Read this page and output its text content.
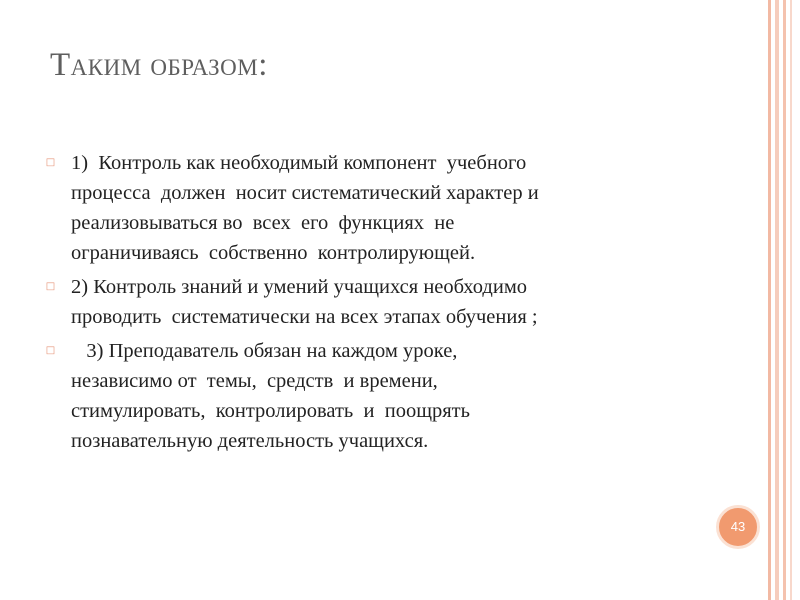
Таким образом:
□ 1)  Контроль как необходимый компонент  учебного
процесса  должен  носит систематический характер и
реализовываться во  всех  его  функциях  не
ограничиваясь  собственно  контролирующей.
□ 2) Контроль знаний и умений учащихся необходимо
проводить  систематически на всех этапах обучения ;
□ 3) Преподаватель обязан на каждом уроке,
независимо от  темы,  средств  и времени,
стимулировать,  контролировать  и  поощрять
познавательную деятельность учащихся.
43
